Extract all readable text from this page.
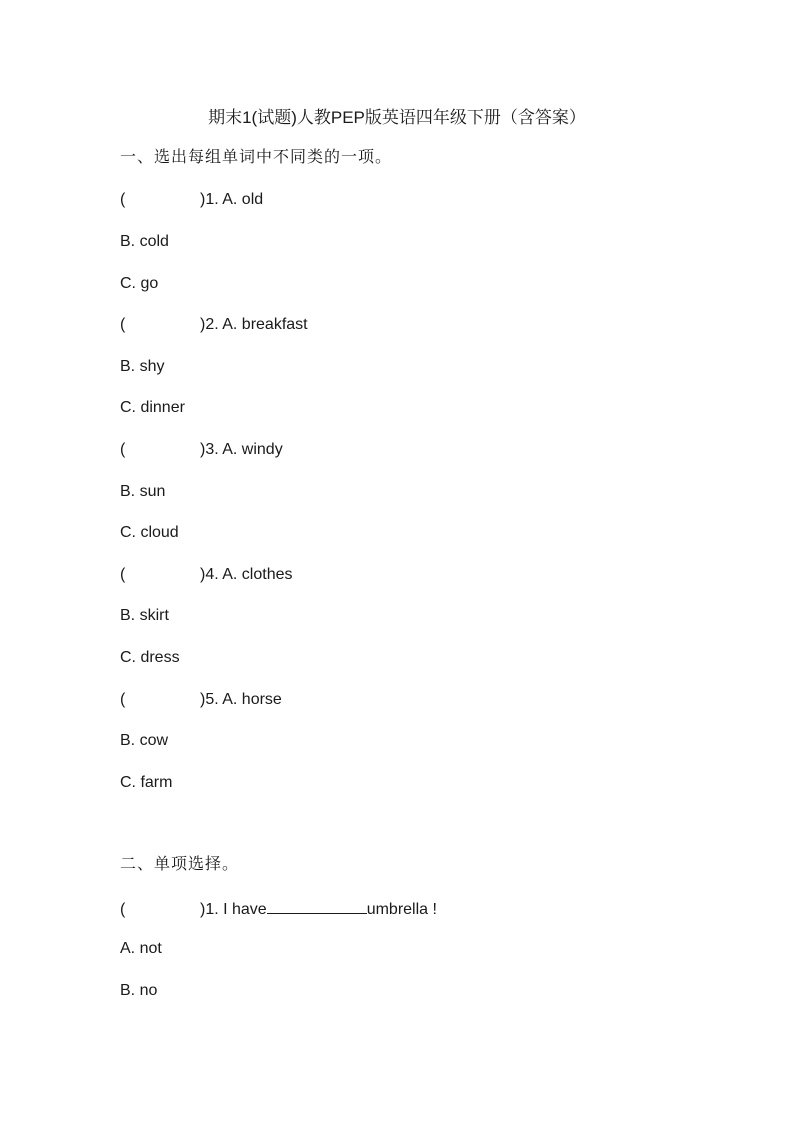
期末1(试题)人教PEP版英语四年级下册（含答案）
一、选出每组单词中不同类的一项。
(	)1. A. old
B. cold
C. go
(	)2. A. breakfast
B. shy
C. dinner
(	)3. A. windy
B. sun
C. cloud
(	)4. A. clothes
B. skirt
C. dress
(	)5. A. horse
B. cow
C. farm
二、单项选择。
(	)1. I have	umbrella !
A. not
B. no
